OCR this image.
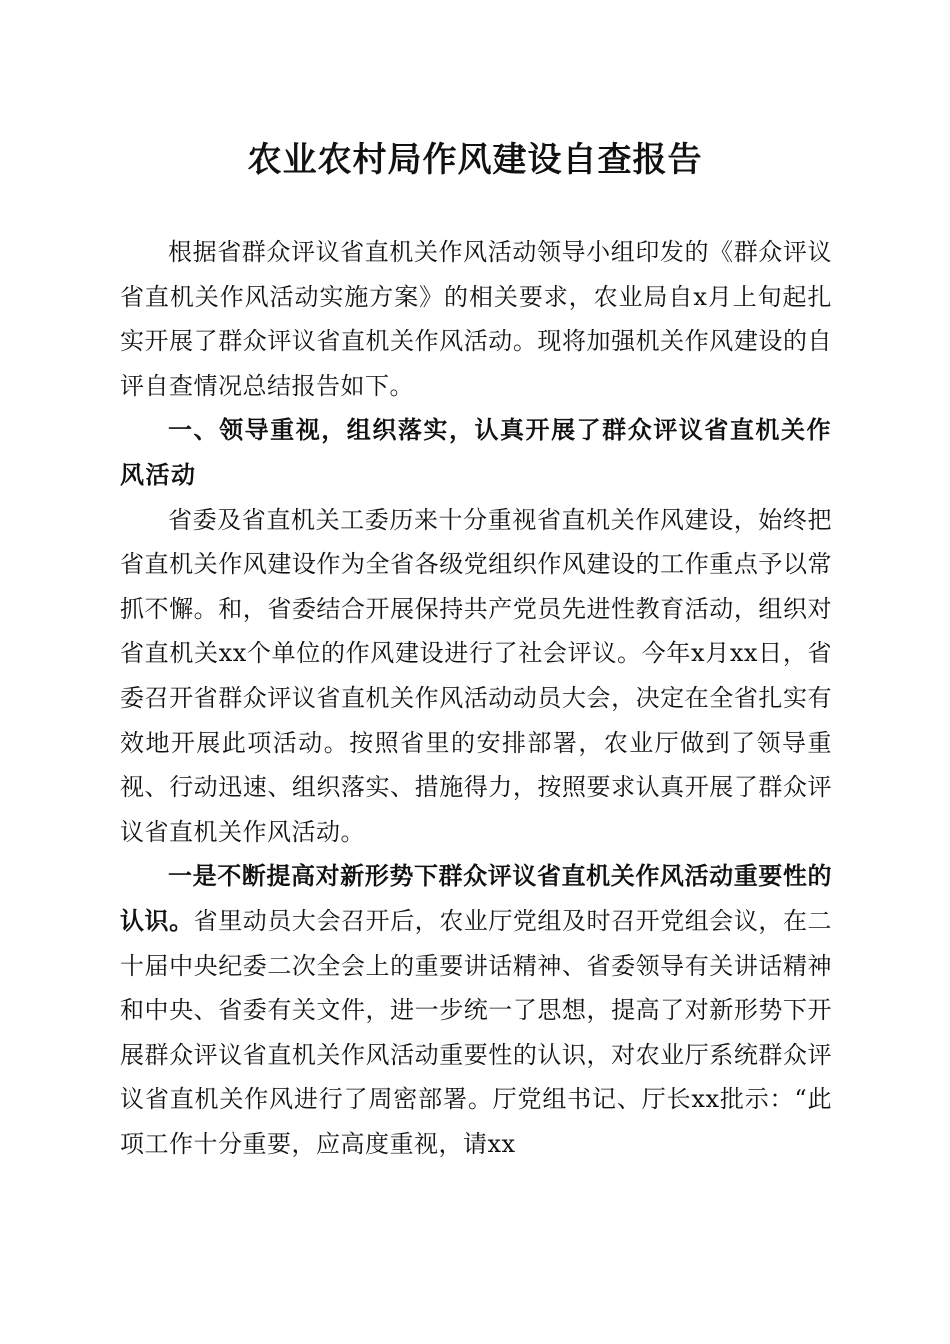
农业农村局作风建设自查报告

根据省群众评议省直机关作风活动领导小组印发的《群众评议省直机关作风活动实施方案》的相关要求，农业局自x月上旬起扎实开展了群众评议省直机关作风活动。现将加强机关作风建设的自评自查情况总结报告如下。

一、领导重视，组织落实，认真开展了群众评议省直机关作风活动

省委及省直机关工委历来十分重视省直机关作风建设，始终把省直机关作风建设作为全省各级党组织作风建设的工作重点予以常抓不懈。和，省委结合开展保持共产党员先进性教育活动，组织对省直机关xx个单位的作风建设进行了社会评议。今年x月xx日，省委召开省群众评议省直机关作风活动动员大会，决定在全省扎实有效地开展此项活动。按照省里的安排部署，农业厅做到了领导重视、行动迅速、组织落实、措施得力，按照要求认真开展了群众评议省直机关作风活动。

一是不断提高对新形势下群众评议省直机关作风活动重要性的认识。省里动员大会召开后，农业厅党组及时召开党组会议，在二十届中央纪委二次全会上的重要讲话精神、省委领导有关讲话精神和中央、省委有关文件，进一步统一了思想，提高了对新形势下开展群众评议省直机关作风活动重要性的认识，对农业厅系统群众评议省直机关作风进行了周密部署。厅党组书记、厅长xx批示：“此项工作十分重要，应高度重视，请xx
